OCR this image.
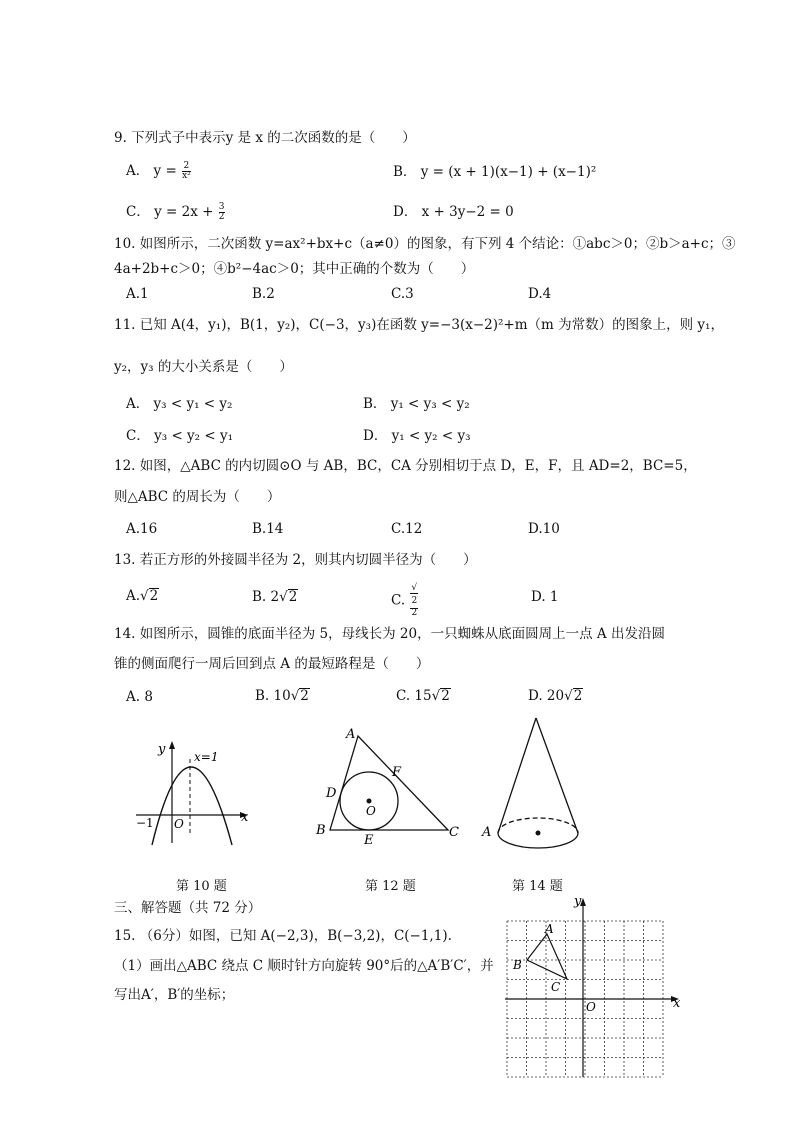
9. 下列式子中表示y 是 x 的二次函数的是（　　）
A． $y = \frac{2}{\text{x²}}$	B． y = (x + 1)(x−1) + (x−1)²
C． $y = 2x + \frac{3}{2}$	D． x + 3y−2 = 0
10. 如图所示，二次函数 y=ax²+bx+c（a≠0）的图象，有下列 4 个结论：①abc＞0；②b＞a+c；③
4a+2b+c＞0；④b²−4ac＞0；其中正确的个数为（　　）
A.1	B.2	C.3	D.4
11. 已知 A(4，y₁)，B(1，y₂)，C(−3，y₃)在函数 y=−3(x−2)²+m（m 为常数）的图象上，则 y₁，
y₂，y₃ 的大小关系是（　　）
A． y₃ < y₁ < y₂	B． y₁ < y₃ < y₂
C． y₃ < y₂ < y₁	D． y₁ < y₂ < y₃
12. 如图，△ABC 的内切圆⊙O 与 AB，BC，CA 分别相切于点 D，E，F，且 AD=2，BC=5，
则△ABC 的周长为（　　）
A.16	B.14	C.12	D.10
13. 若正方形的外接圆半径为 2，则其内切圆半径为（　　）
A.√2	B. 2√2	C. √
2
2	D. 1
14. 如图所示，圆锥的底面半径为 5，母线长为 20，一只蜘蛛从底面圆周上一点 A 出发沿圆
锥的侧面爬行一周后回到点 A 的最短路程是（　　）
A. 8	B. 10√2	C. 15√2	D. 20√2
y
x
x=1
−1 O
A
B	C
D
E
F
O
A
第 10 题	第 12 题	第 14 题
三、解答题（共 72 分）
15. （6分）如图，已知 A(−2,3)，B(−3,2)，C(−1,1).
（1）画出△ABC 绕点 C 顺时针方向旋转 90°后的△A′B′C′，并
写出A′，B′的坐标；
y
x
O
A
B
C
